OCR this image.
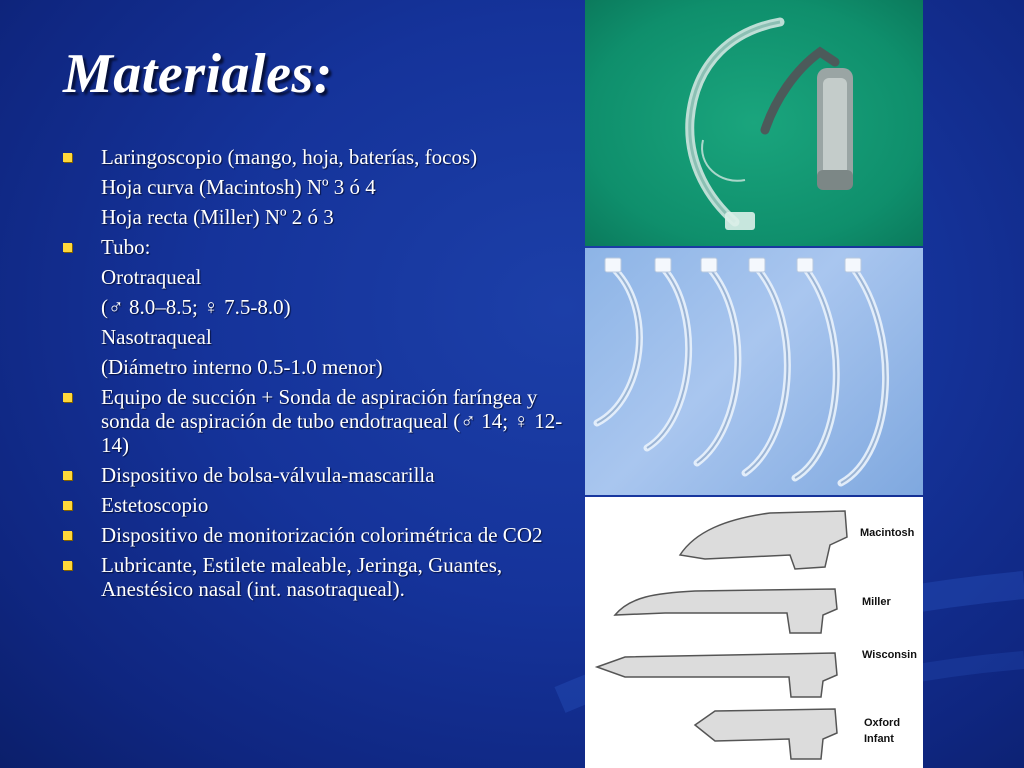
Materiales:
Laringoscopio (mango, hoja, baterías, focos)
Hoja curva (Macintosh) Nº 3 ó 4
Hoja recta (Miller) Nº 2 ó 3
Tubo:
Orotraqueal
(♂ 8.0–8.5; ♀ 7.5-8.0)
Nasotraqueal
(Diámetro interno 0.5-1.0 menor)
Equipo de succión + Sonda de aspiración faríngea y sonda de aspiración de tubo endotraqueal (♂ 14; ♀ 12-14)
Dispositivo de bolsa-válvula-mascarilla
Estetoscopio
Dispositivo de monitorización colorimétrica de CO2
Lubricante, Estilete maleable, Jeringa, Guantes, Anestésico nasal (int. nasotraqueal).
Macintosh
Miller
Wisconsin
Oxford
Infant
